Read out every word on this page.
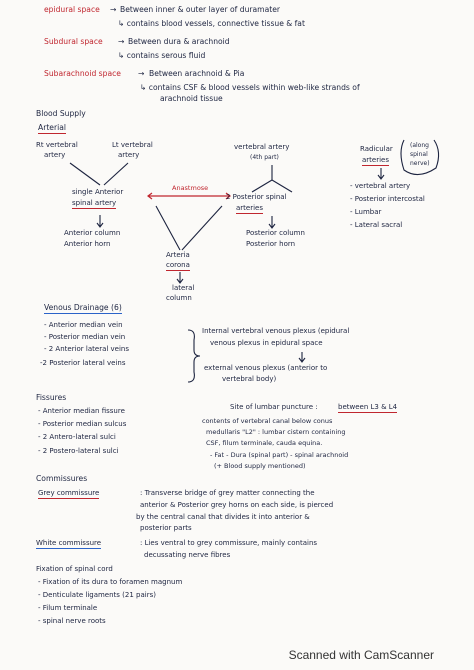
epidural space → Between inner & outer layer of duramater
↳ contains blood vessels, connective tissue & fat
Subdural space → Between dura & arachnoid
↳ contains serous fluid
Subarachnoid space → Between arachnoid & Pia
↳ contains CSF & blood vessels within web-like strands of
arachnoid tissue
Blood Supply
Arterial
Rt vertebral
artery
Lt vertebral
artery
single Anterior
spinal artery
Anterior column
Anterior horn
Anastmose
Arteria
corona
lateral
column
vertebral artery
(4th part)
2 Posterior spinal
arteries
Posterior column
Posterior horn
Radicular
arteries
(along
spinal
nerve)
- vertebral artery
- Posterior intercostal
- Lumbar
- Lateral sacral
Venous Drainage (6)
- Anterior median vein
- Posterior median vein
- 2 Anterior lateral veins
-2 Posterior lateral veins
Internal vertebral venous plexus (epidural
venous plexus in epidural space
external venous plexus (anterior to
vertebral body)
Fissures
- Anterior median fissure
- Posterior median sulcus
- 2 Antero-lateral sulci
- 2 Postero-lateral sulci
Site of lumbar puncture :	between L3 & L4
contents of vertebral canal below conus
medullaris "L2" : lumbar cistern containing
CSF, filum terminale, cauda equina.
- Fat - Dura (spinal part) - spinal arachnoid
(+ Blood supply mentioned)
Commissures
Grey commissure	: Transverse bridge of grey matter connecting the
anterior & Posterior grey horns on each side, is pierced
by the central canal that divides it into anterior &
posterior parts
White commissure	: Lies ventral to grey commissure, mainly contains
decussating nerve fibres
Fixation of spinal cord
- Fixation of its dura to foramen magnum
- Denticulate ligaments (21 pairs)
- Filum terminale
- spinal nerve roots
Scanned with CamScanner
